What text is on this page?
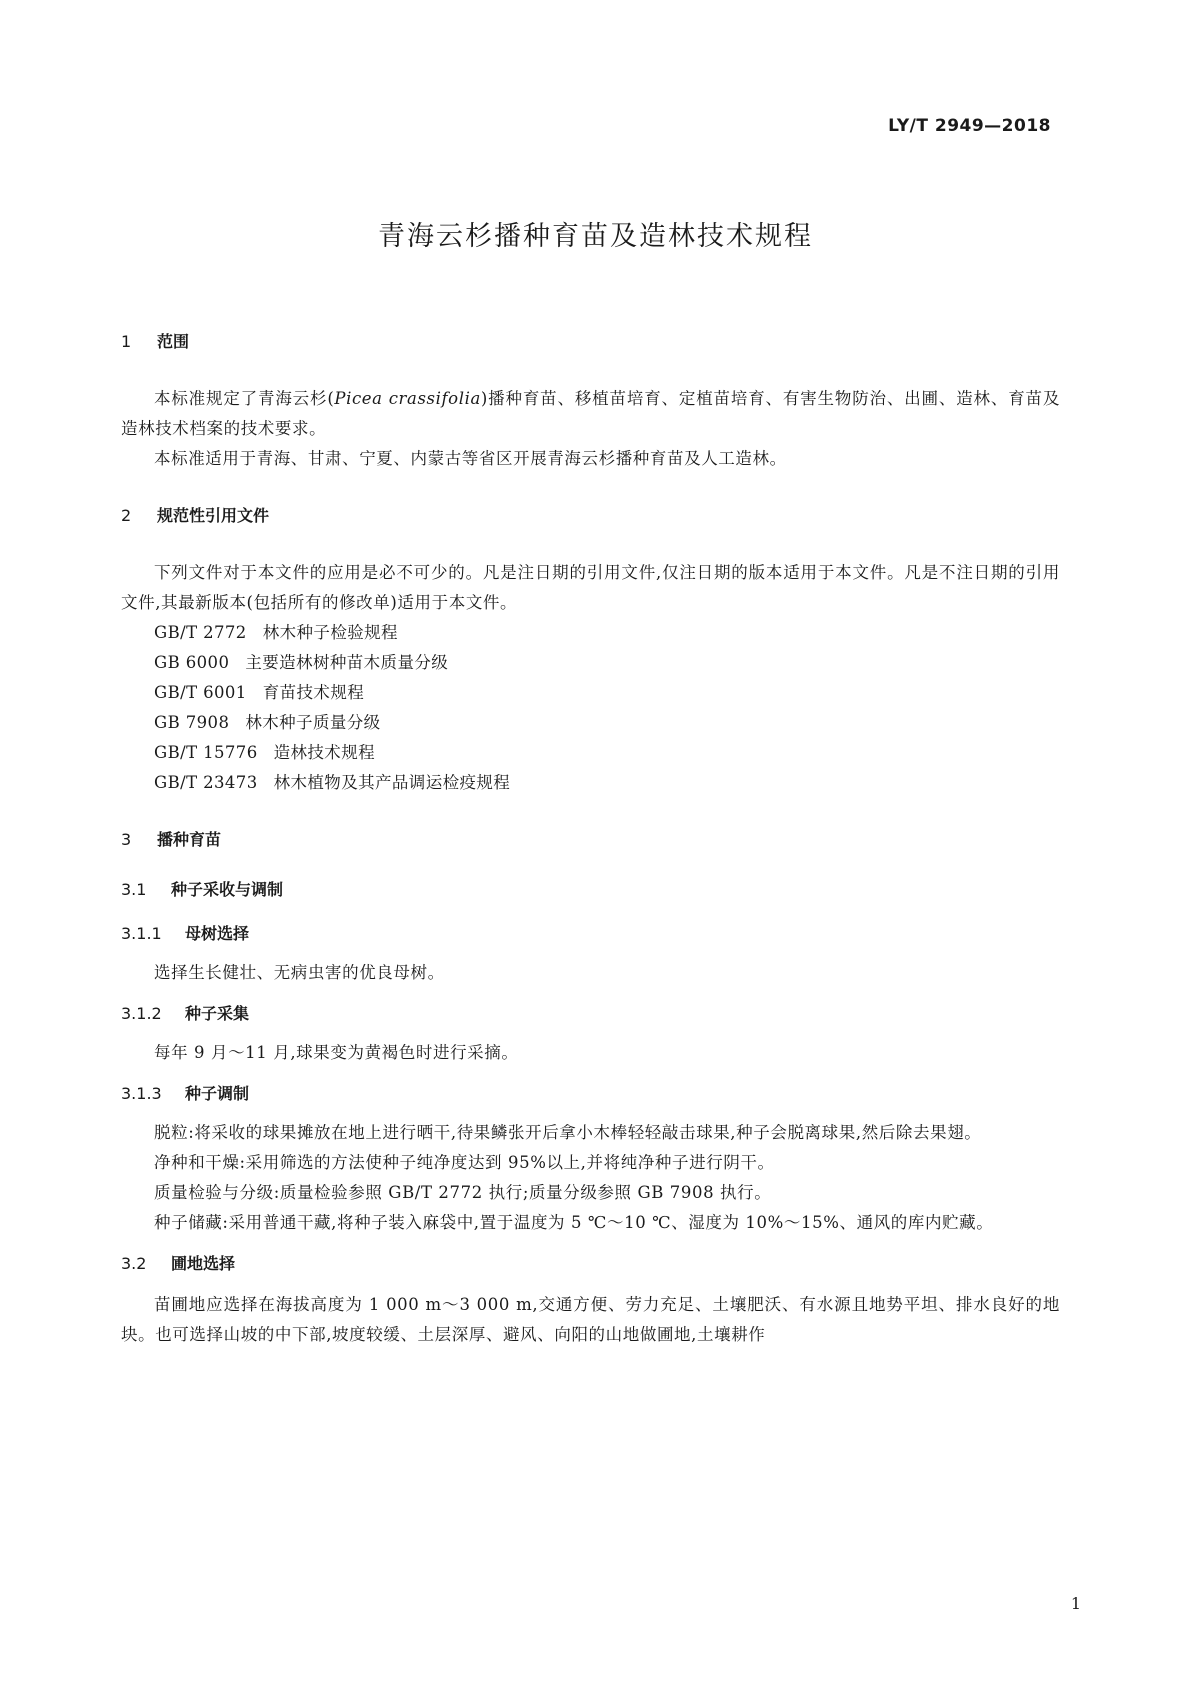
LY/T 2949—2018
青海云杉播种育苗及造林技术规程
1 范围

本标准规定了青海云杉(Picea crassifolia)播种育苗、移植苗培育、定植苗培育、有害生物防治、出圃、造林、育苗及造林技术档案的技术要求。

本标准适用于青海、甘肃、宁夏、内蒙古等省区开展青海云杉播种育苗及人工造林。

2 规范性引用文件

下列文件对于本文件的应用是必不可少的。凡是注日期的引用文件,仅注日期的版本适用于本文件。凡是不注日期的引用文件,其最新版本(包括所有的修改单)适用于本文件。

GB/T 2772 林木种子检验规程

GB 6000 主要造林树种苗木质量分级

GB/T 6001 育苗技术规程

GB 7908 林木种子质量分级

GB/T 15776 造林技术规程

GB/T 23473 林木植物及其产品调运检疫规程

3 播种育苗
3.1 种子采收与调制
3.1.1 母树选择

选择生长健壮、无病虫害的优良母树。

3.1.2 种子采集

每年 9 月～11 月,球果变为黄褐色时进行采摘。

3.1.3 种子调制

脱粒:将采收的球果摊放在地上进行晒干,待果鳞张开后拿小木棒轻轻敲击球果,种子会脱离球果,然后除去果翅。

净种和干燥:采用筛选的方法使种子纯净度达到 95%以上,并将纯净种子进行阴干。

质量检验与分级:质量检验参照 GB/T 2772 执行;质量分级参照 GB 7908 执行。

种子储藏:采用普通干藏,将种子装入麻袋中,置于温度为 5 ℃～10 ℃、湿度为 10%～15%、通风的库内贮藏。

3.2 圃地选择

苗圃地应选择在海拔高度为 1 000 m～3 000 m,交通方便、劳力充足、土壤肥沃、有水源且地势平坦、排水良好的地块。也可选择山坡的中下部,坡度较缓、土层深厚、避风、向阳的山地做圃地,土壤耕作

1
